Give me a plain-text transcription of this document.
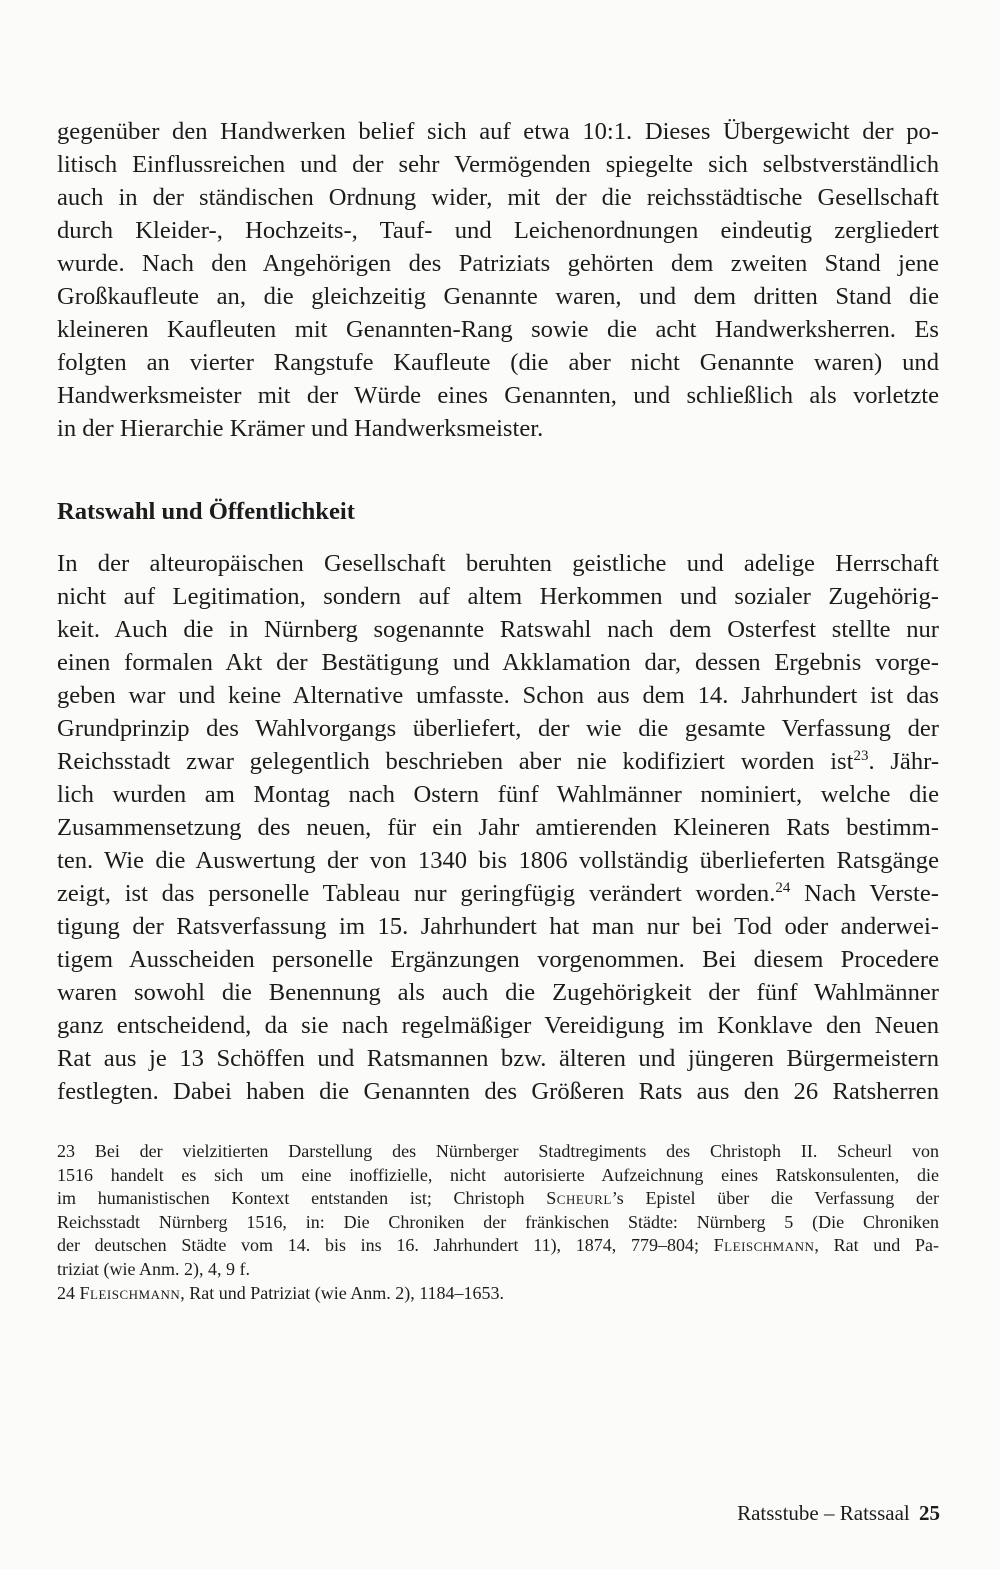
gegenüber den Handwerken belief sich auf etwa 10:1. Dieses Übergewicht der po-
litisch Einflussreichen und der sehr Vermögenden spiegelte sich selbstverständlich
auch in der ständischen Ordnung wider, mit der die reichsstädtische Gesellschaft
durch Kleider-, Hochzeits-, Tauf- und Leichenordnungen eindeutig zergliedert
wurde. Nach den Angehörigen des Patriziats gehörten dem zweiten Stand jene
Großkaufleute an, die gleichzeitig Genannte waren, und dem dritten Stand die
kleineren Kaufleuten mit Genannten-Rang sowie die acht Handwerksherren. Es
folgten an vierter Rangstufe Kaufleute (die aber nicht Genannte waren) und
Handwerksmeister mit der Würde eines Genannten, und schließlich als vorletzte
in der Hierarchie Krämer und Handwerksmeister.

Ratswahl und Öffentlichkeit

In der alteuropäischen Gesellschaft beruhten geistliche und adelige Herrschaft
nicht auf Legitimation, sondern auf altem Herkommen und sozialer Zugehörig-
keit. Auch die in Nürnberg sogenannte Ratswahl nach dem Osterfest stellte nur
einen formalen Akt der Bestätigung und Akklamation dar, dessen Ergebnis vorge-
geben war und keine Alternative umfasste. Schon aus dem 14. Jahrhundert ist das
Grundprinzip des Wahlvorgangs überliefert, der wie die gesamte Verfassung der
Reichsstadt zwar gelegentlich beschrieben aber nie kodifiziert worden ist$^{23}$. Jähr-
lich wurden am Montag nach Ostern fünf Wahlmänner nominiert, welche die
Zusammensetzung des neuen, für ein Jahr amtierenden Kleineren Rats bestimm-
ten. Wie die Auswertung der von 1340 bis 1806 vollständig überlieferten Ratsgänge
zeigt, ist das personelle Tableau nur geringfügig verändert worden.$^{24}$ Nach Verste-
tigung der Ratsverfassung im 15. Jahrhundert hat man nur bei Tod oder anderwei-
tigem Ausscheiden personelle Ergänzungen vorgenommen. Bei diesem Procedere
waren sowohl die Benennung als auch die Zugehörigkeit der fünf Wahlmänner
ganz entscheidend, da sie nach regelmäßiger Vereidigung im Konklave den Neuen
Rat aus je 13 Schöffen und Ratsmannen bzw. älteren und jüngeren Bürgermeistern
festlegten. Dabei haben die Genannten des Größeren Rats aus den 26 Ratsherren

23 Bei der vielzitierten Darstellung des Nürnberger Stadtregiments des Christoph II. Scheurl von
1516 handelt es sich um eine inoffizielle, nicht autorisierte Aufzeichnung eines Ratskonsulenten, die
im humanistischen Kontext entstanden ist; Christoph Scheurl’s Epistel über die Verfassung der
Reichsstadt Nürnberg 1516, in: Die Chroniken der fränkischen Städte: Nürnberg 5 (Die Chroniken
der deutschen Städte vom 14. bis ins 16. Jahrhundert 11), 1874, 779–804; Fleischmann, Rat und Pa-
triziat (wie Anm. 2), 4, 9 f.

24 Fleischmann, Rat und Patriziat (wie Anm. 2), 1184–1653.

Ratsstube – Ratssaal 25
